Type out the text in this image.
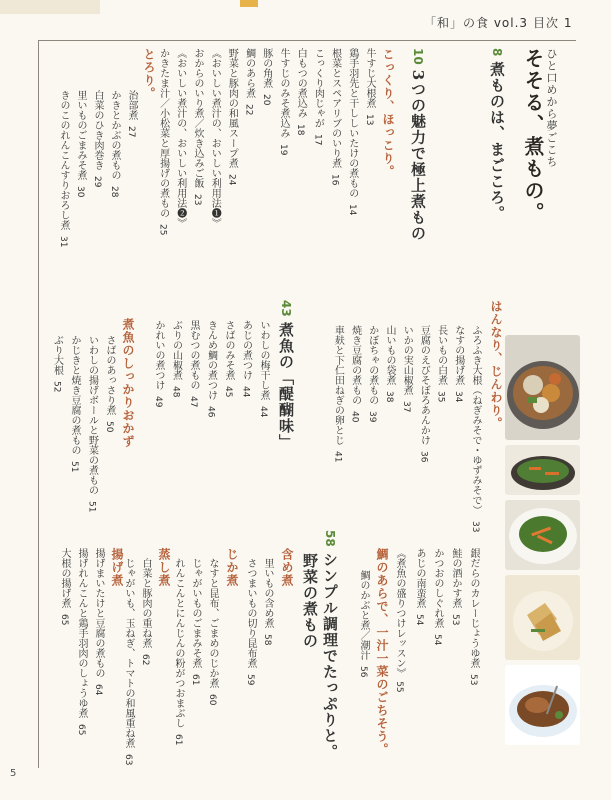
「和」の食 vol.3 目次 1
ひと口めから夢ごこち
そそる、煮もの。
8 煮ものは、まごころ。
10 3つの魅力で極上煮もの
こっくり、ほっこり。
牛すじ大根煮13
鶏手羽先と干ししいたけの煮もの14
根菜とスペアリブのいり煮16
こっくり肉じゃが17
白もつの煮込み18
牛すじのみそ煮込み19
豚の角煮20
鯛のあら煮22
野菜と豚肉の和風スープ煮24
《おいしい煮汁の、おいしい利用法❶》
おからのいり煮／炊き込みご飯23
《おいしい煮汁の、おいしい利用法❷》
かきたま汁／小松菜と厚揚げの煮もの25
とろり。
治部煮27
かきとかぶの煮もの28
白菜のひき肉巻き29
里いものごまみそ煮30
きのこのれんこんすりおろし煮31
はんなり、じんわり。
ふろふき大根（ねぎみそで・ゆずみそで）33
なすの揚げ煮34
長いもの白煮35
豆腐のえびそぼろあんかけ36
いかの実山椒煮37
山いもの袋煮38
かぼちゃの煮もの39
焼き豆腐の煮もの40
車麸と下仁田ねぎの卵とじ41
43 煮魚の「醍醐味」
いわしの梅干し煮44
あじの煮つけ44
さばのみそ煮45
きんめ鯛の煮つけ46
黒むつの煮もの47
ぶりの山椒煮48
かれいの煮つけ49
煮魚のしっかりおかず
さばのあっさり煮50
いわしの揚げボールと野菜の煮もの51
かじきと焼き豆腐の煮もの51
ぶり大根52
銀だらのカレーじょうゆ煮53
鮭の酒かす煮53
かつおのしぐれ煮54
あじの南蛮煮54
《煮魚の盛りつけレッスン》 55
鯛のあらで、一汁一菜のごちそう。
鯛のかぶと煮／潮汁56
58 シンプル調理でたっぷりと。
野菜の煮もの
含め煮
里いもの含め煮58
さつまいもの切り昆布煮59
じか煮
なすと昆布、ごまめのじか煮60
じゃがいものごまみそ煮61
れんこんとにんじんの粉がつおまぶし61
蒸し煮
白菜と豚肉の重ね煮62
じゃがいも、玉ねぎ、トマトの和風重ね煮63
揚げ煮
揚げまいたけと豆腐の煮もの64
揚げれんこんと鶏手羽肉のしょうゆ煮65
大根の揚げ煮65
5
